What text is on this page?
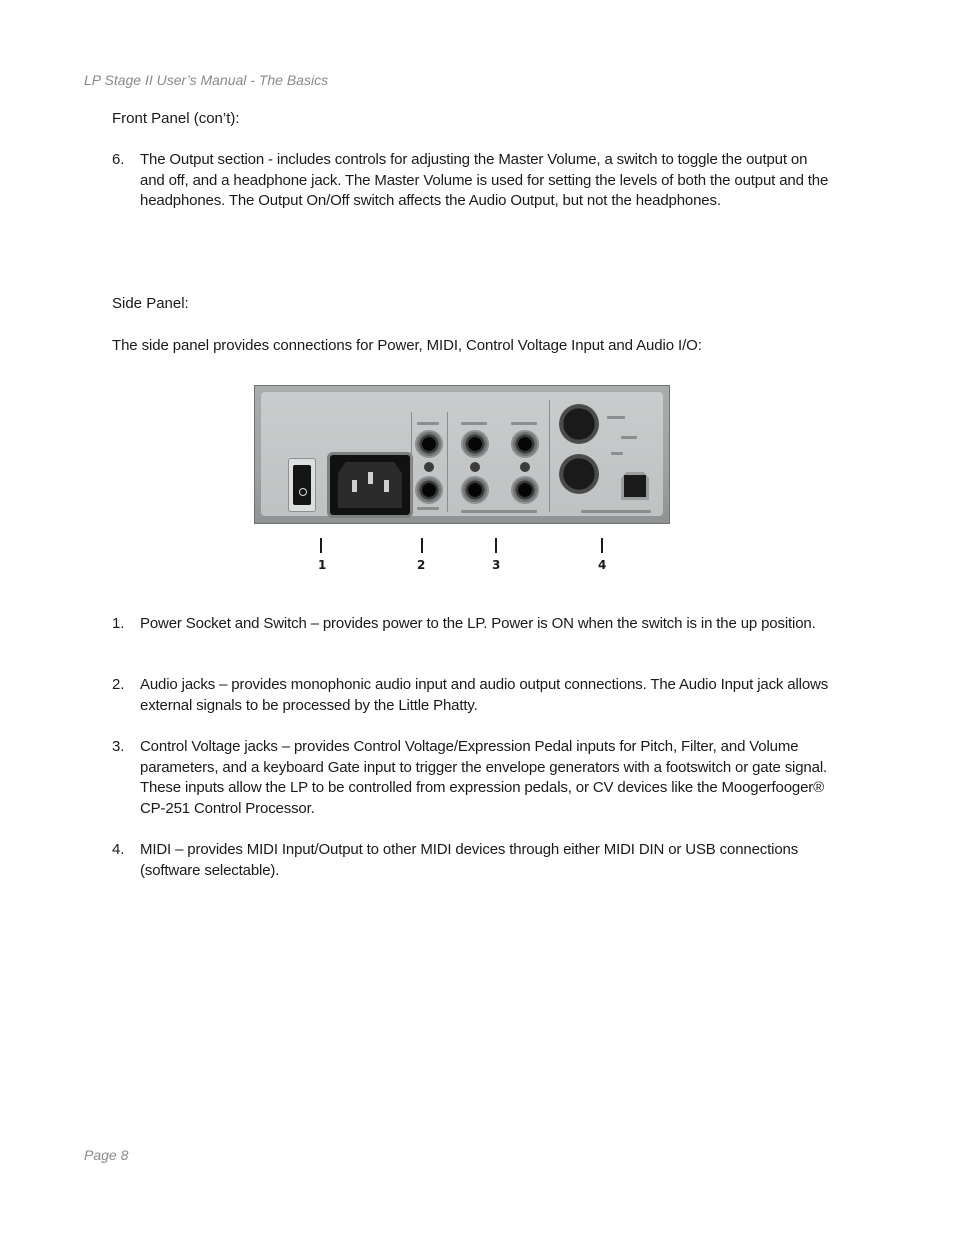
LP Stage II User’s Manual - The Basics
Front Panel (con’t):
6. The Output section - includes controls for adjusting the Master Volume, a switch to toggle the output on and off, and a headphone jack. The Master Volume is used for setting the levels of both the output and the headphones. The Output On/Off switch affects the Audio Output, but not the headphones.
Side Panel:
The side panel provides connections for Power, MIDI, Control Voltage Input and Audio I/O:
1	2	3	4
1. Power Socket and Switch – provides power to the LP. Power is ON when the switch is in the up position.
2. Audio jacks – provides monophonic audio input and audio output connections. The Audio Input jack allows external signals to be processed by the Little Phatty.
3. Control Voltage jacks – provides Control Voltage/Expression Pedal inputs for Pitch, Filter, and Volume parameters, and a keyboard Gate input to trigger the envelope generators with a footswitch or gate signal. These inputs allow the LP to be controlled from expression pedals, or CV devices like the Moogerfooger® CP-251 Control Processor.
4. MIDI – provides MIDI Input/Output to other MIDI devices through either MIDI DIN or USB connections (software selectable).
Page 8
